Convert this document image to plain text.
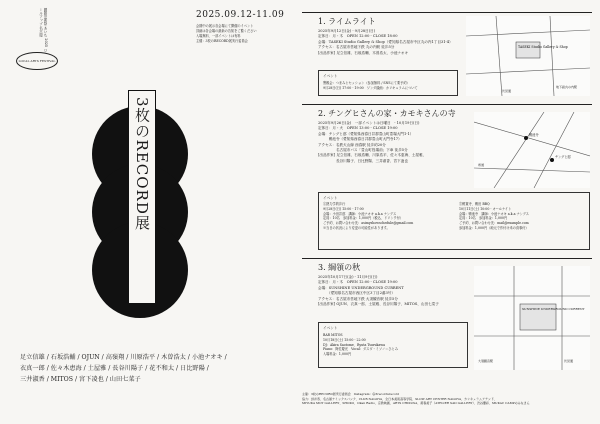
國際芸術祭 あいち 2025 ロールアップ 名古屋
LOCAL ARTS FESTIVAL
2025.09.12-11.09
会期中の展示各会場にて開催のイベント
詳細は各会場の最新の告知をご覧ください
入場無料、一部イベントは有料
主催：3枚のRECORD展実行委員会
3枚のRECORD展
足立信雄 / 石坂浩輔 / OJUN / 高嶺翔 / 川原浩平 / 木曽浩太 / 小池ナオキ /
衣真一郎 / 佐々木恵海 / 土屋雅 / 長谷川陽子 / 花不和太 / 日比野陽 /
三井淑香 / MITOS / 宮下凌也 / 山田七菜子
1. ライムライト
2025年9月12日(金) - 9月28日(日)
定休日：月・木　OPEN 12:00 - CLOSE 18:00
会場：TASEKI Studio Gallery & Shop（愛知県名古屋市中区丸の内1丁目31-4）
アクセス：名古屋市営地下鉄 丸の内駅 徒歩5分
[出品作家] 足立信雄、石坂浩輔、木曽浩太、小池ナオキ
イベント
懇親会：つまみとセッション（参加無料 / SNSにて要予約）
9月28日(日) 17:00 - 19:00　ワンダ録画：カリキュラムについて
TASEKI Studio Gallery & Shop
地下鉄丸の内駅
伏見通
2. チングヒさんの家・カモキさんの寺
2025年9月26日(金)　一部イベントは日曜日　- 10月19日(日)
定休日：月・火　OPEN 13:00 - CLOSE 19:00
会場：チングヒ邸（愛知県西春日井郡豊山町豊場大門1-1）
　　　鴨池寺（愛知県西春日井郡豊山町大門寺17）
アクセス：名鉄犬山線 西春駅 徒歩約20分
　　　　　名古屋市バス「豊山町役場前」下車 徒歩5分
[出品作家] 足立信雄、石坂浩輔、川原浩平、佐々木恵海、土屋雅、
　　　　　長谷川陽子、日比野陽、三井淑香、宮下凌也
鴨池寺
チングヒ邸
県道
イベント
①熱力学的歩行
9月28日(日) 15:00 - 17:00
会場：小田井邸　講師：小池ナオキ a.k.a ナンデス
定員：10名　参加料金：1,000円（税込、ドリンク付）
ご予約、お問い合わせ先：asimyshowschedule@gmail.com
※当日の状況により変更の可能性があります。
②鴨寛寺、鴨田 BBQ
10月11日(土) 10:00 - オールナイト
会場：鴨池寺　講師：小池ナオキ a.k.a ナンデス
定員：10名　参加料金：1,000円
ご予約、お問い合わせ先：mail@example.com
参加料金：1,000円（地元で作付け米の食事付）
3. 綱領の秋
2025年10月17日(金) - 11月9日(日)
定休日：月・木　OPEN 12:00 - CLOSE 19:00
会場：SUNSHINE UNDERGROUND CURRENT
　　　（愛知県名古屋市西区中区3丁目2番3号）
アクセス：名古屋市営地下鉄 大須観音駅 徒歩5分
[出品作家] OJUN、衣真一郎、土屋雅、長谷川陽子、MITOS、山田七菜子
イベント
BAR MITOS
10月18日(土) 15:00 - 22:00
DJ：Akira Saotome、Ryuta Tsurukawa
Piano：阿佐慶光　Vocal：ダスダ・ミソノ＝ひとみ
入場料金：1,000円
SUNSHINE UNDERGROUND CURRENT
大須観音駅	伏見通
主催：3枚のRECORD展実行委員会　Instagram：@3recordsrecord
協力：評井寿、名古屋ナミックスパンク、CLUB NAGOYA、全日本美術高等学院、SLOW ART CENTER NAGOYA、カリキュラムアテンド、
MIYUKA MOT GALLERY、SHOKO、Okan Radio、宗教映画、ARTS CHIKUSA、黄春美子（ATELIER SAD GALLERY）、渋谷慶彩、MUKAC CAMPのみなさん
